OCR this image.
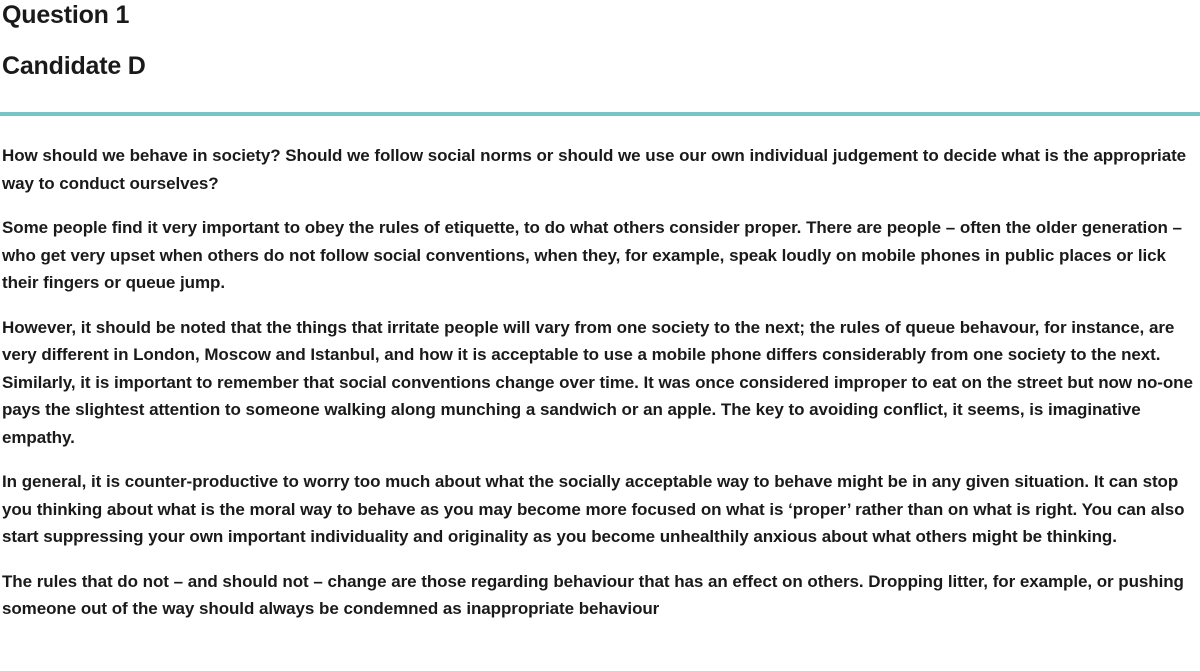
Question 1
Candidate D

How should we behave in society? Should we follow social norms or should we use our own individual judgement to decide what is the appropriate way to conduct ourselves?

Some people find it very important to obey the rules of etiquette, to do what others consider proper. There are people – often the older generation – who get very upset when others do not follow social conventions, when they, for example, speak loudly on mobile phones in public places or lick their fingers or queue jump.

However, it should be noted that the things that irritate people will vary from one society to the next; the rules of queue behavour, for instance, are very different in London, Moscow and Istanbul, and how it is acceptable to use a mobile phone differs considerably from one society to the next. Similarly, it is important to remember that social conventions change over time. It was once considered improper to eat on the street but now no-one pays the slightest attention to someone walking along munching a sandwich or an apple. The key to avoiding conflict, it seems, is imaginative empathy.

In general, it is counter-productive to worry too much about what the socially acceptable way to behave might be in any given situation. It can stop you thinking about what is the moral way to behave as you may become more focused on what is ‘proper’ rather than on what is right. You can also start suppressing your own important individuality and originality as you become unhealthily anxious about what others might be thinking.

The rules that do not – and should not – change are those regarding behaviour that has an effect on others. Dropping litter, for example, or pushing someone out of the way should always be condemned as inappropriate behaviour
